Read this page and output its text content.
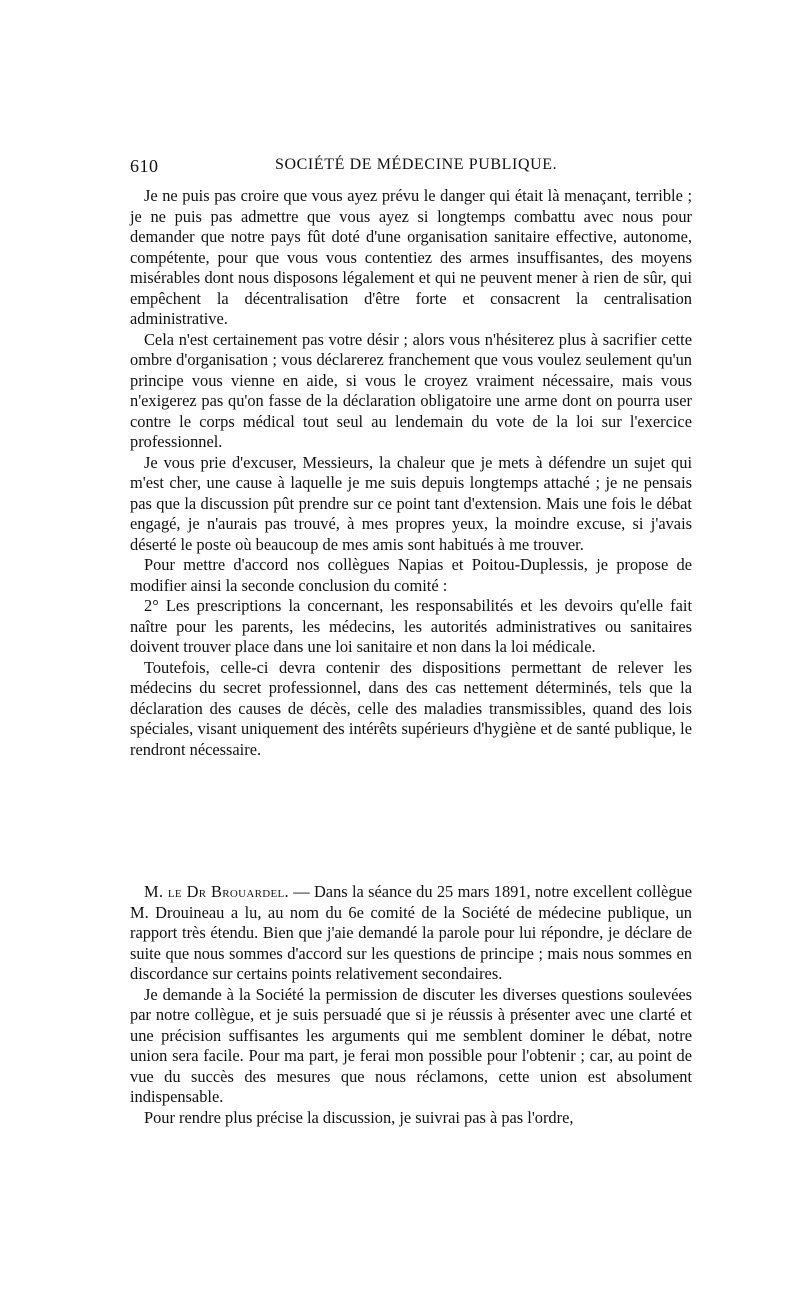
610	SOCIÉTÉ DE MÉDECINE PUBLIQUE.

Je ne puis pas croire que vous ayez prévu le danger qui était là menaçant, terrible ; je ne puis pas admettre que vous ayez si longtemps combattu avec nous pour demander que notre pays fût doté d'une organisation sanitaire effective, autonome, compétente, pour que vous vous contentiez des armes insuffisantes, des moyens misérables dont nous disposons légalement et qui ne peuvent mener à rien de sûr, qui empêchent la décentralisation d'être forte et consacrent la centralisation administrative.

Cela n'est certainement pas votre désir ; alors vous n'hésiterez plus à sacrifier cette ombre d'organisation ; vous déclarerez franchement que vous voulez seulement qu'un principe vous vienne en aide, si vous le croyez vraiment nécessaire, mais vous n'exigerez pas qu'on fasse de la déclaration obligatoire une arme dont on pourra user contre le corps médical tout seul au lendemain du vote de la loi sur l'exercice professionnel.

Je vous prie d'excuser, Messieurs, la chaleur que je mets à défendre un sujet qui m'est cher, une cause à laquelle je me suis depuis longtemps attaché ; je ne pensais pas que la discussion pût prendre sur ce point tant d'extension. Mais une fois le débat engagé, je n'aurais pas trouvé, à mes propres yeux, la moindre excuse, si j'avais déserté le poste où beaucoup de mes amis sont habitués à me trouver.

Pour mettre d'accord nos collègues Napias et Poitou-Duplessis, je propose de modifier ainsi la seconde conclusion du comité :

2° Les prescriptions la concernant, les responsabilités et les devoirs qu'elle fait naître pour les parents, les médecins, les autorités administratives ou sanitaires doivent trouver place dans une loi sanitaire et non dans la loi médicale.

Toutefois, celle-ci devra contenir des dispositions permettant de relever les médecins du secret professionnel, dans des cas nettement déterminés, tels que la déclaration des causes de décès, celle des maladies transmissibles, quand des lois spéciales, visant uniquement des intérêts supérieurs d'hygiène et de santé publique, le rendront nécessaire.

M. le Dr Brouardel. — Dans la séance du 25 mars 1891, notre excellent collègue M. Drouineau a lu, au nom du 6e comité de la Société de médecine publique, un rapport très étendu. Bien que j'aie demandé la parole pour lui répondre, je déclare de suite que nous sommes d'accord sur les questions de principe ; mais nous sommes en discordance sur certains points relativement secondaires.

Je demande à la Société la permission de discuter les diverses questions soulevées par notre collègue, et je suis persuadé que si je réussis à présenter avec une clarté et une précision suffisantes les arguments qui me semblent dominer le débat, notre union sera facile. Pour ma part, je ferai mon possible pour l'obtenir ; car, au point de vue du succès des mesures que nous réclamons, cette union est absolument indispensable.

Pour rendre plus précise la discussion, je suivrai pas à pas l'ordre,
